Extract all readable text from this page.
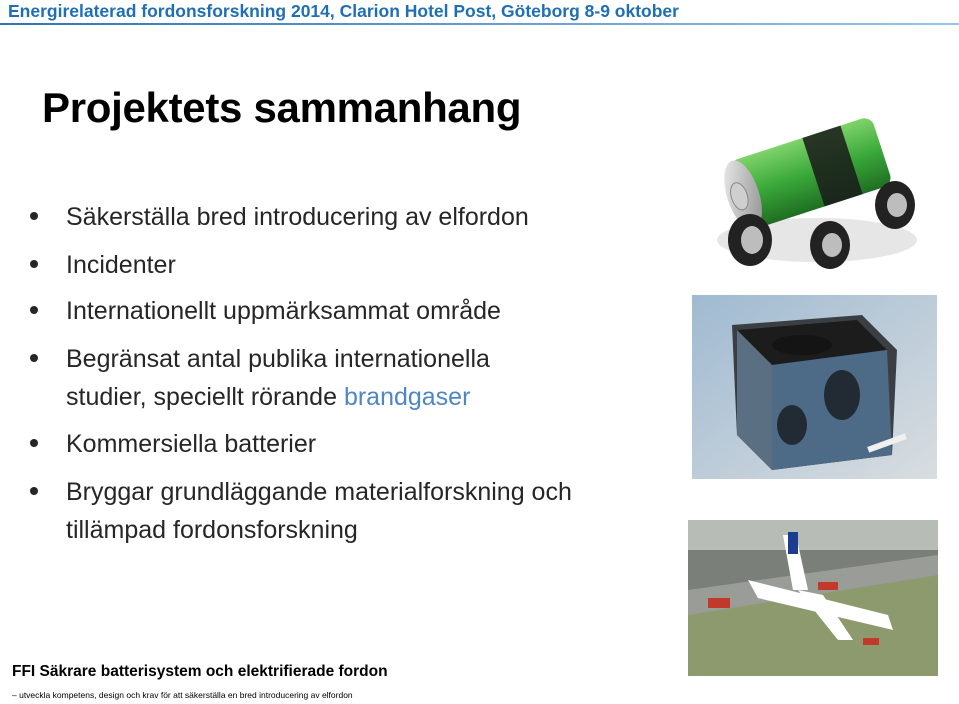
Energirelaterad fordonsforskning 2014, Clarion Hotel Post, Göteborg 8-9 oktober
Projektets sammanhang
Säkerställa bred introducering av elfordon
Incidenter
Internationellt uppmärksammat område
Begränsat antal publika internationella
studier, speciellt rörande brandgaser
Kommersiella batterier
Bryggar grundläggande materialforskning och
tillämpad fordonsforskning
FFI Säkrare batterisystem och elektrifierade fordon
– utveckla kompetens, design och krav för att säkerställa en bred introducering av elfordon
